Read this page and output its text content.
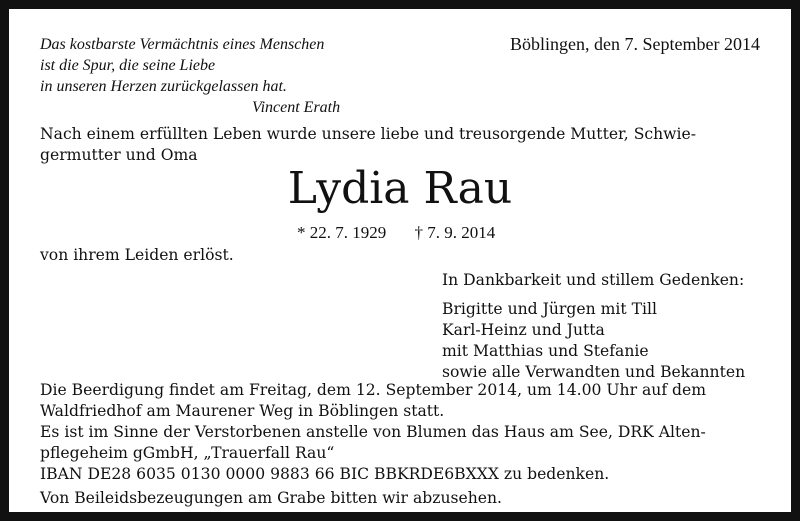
Das kostbarste Vermächtnis eines Menschen
ist die Spur, die seine Liebe
in unseren Herzen zurückgelassen hat.
Vincent Erath
Böblingen, den 7. September 2014
Nach einem erfüllten Leben wurde unsere liebe und treusorgende Mutter, Schwie-
germutter und Oma
Lydia Rau
* 22. 7. 1929 † 7. 9. 2014
von ihrem Leiden erlöst.
In Dankbarkeit und stillem Gedenken:
Brigitte und Jürgen mit Till
Karl-Heinz und Jutta
mit Matthias und Stefanie
sowie alle Verwandten und Bekannten
Die Beerdigung findet am Freitag, dem 12. September 2014, um 14.00 Uhr auf dem
Waldfriedhof am Maurener Weg in Böblingen statt.
Es ist im Sinne der Verstorbenen anstelle von Blumen das Haus am See, DRK Alten-
pflegeheim gGmbH, „Trauerfall Rau“
IBAN DE28 6035 0130 0000 9883 66 BIC BBKRDE6BXXX zu bedenken.
Von Beileidsbezeugungen am Grabe bitten wir abzusehen.
